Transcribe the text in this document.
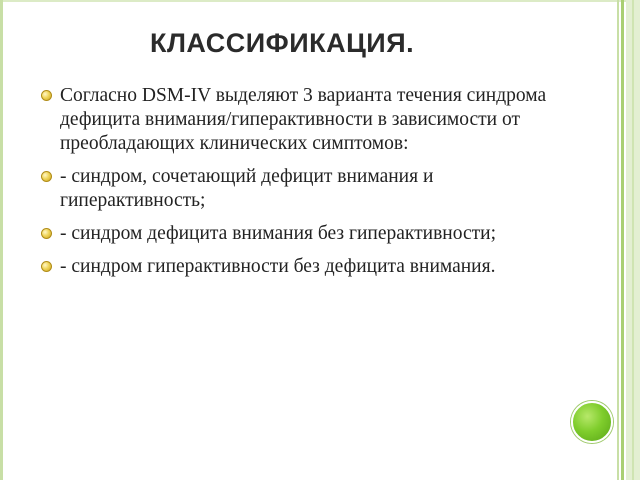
КЛАССИФИКАЦИЯ.
Согласно DSM-IV выделяют 3 варианта течения синдрома дефицита внимания/гиперактивности в зависимости от преобладающих клинических симптомов:
- синдром, сочетающий дефицит внимания и гиперактивность;
- синдром дефицита внимания без гиперактивности;
- синдром гиперактивности без дефицита внимания.
